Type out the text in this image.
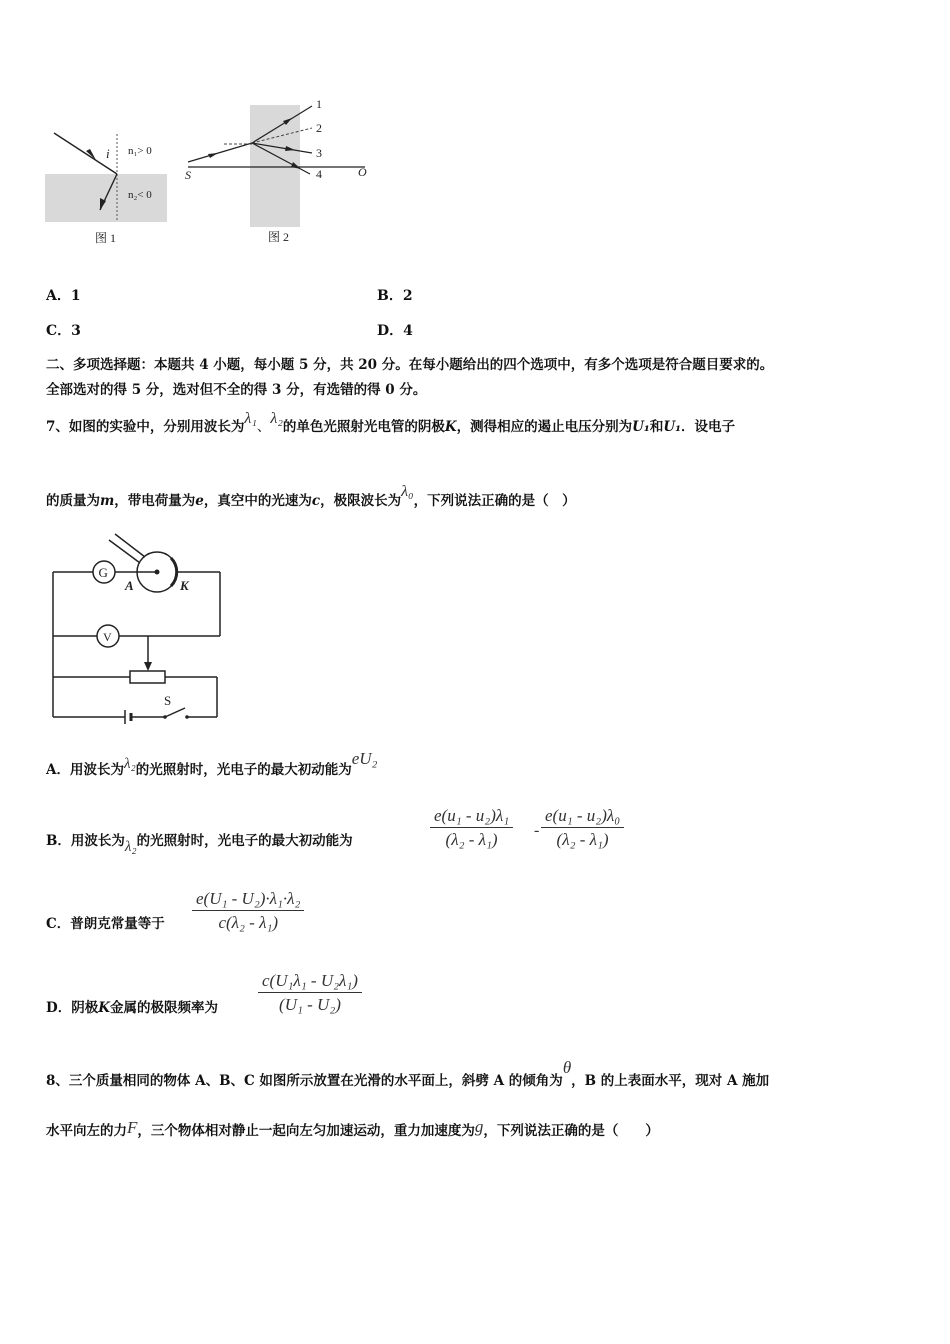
i n₁> 0
n₂< 0
图 1
1
2
3
4
S	O
图 2
A．1	B．2
C．3	D．4
二、多项选择题：本题共 4 小题，每小题 5 分，共 20 分。在每小题给出的四个选项中，有多个选项是符合题目要求的。
全部选对的得 5 分，选对但不全的得 3 分，有选错的得 0 分。
7、如图的实验中，分别用波长为λ₁、λ₂的单色光照射光电管的阴极K，测得相应的遏止电压分别为U₁和U₁．设电子
的质量为m，带电荷量为e，真空中的光速为c，极限波长为λ₀，下列说法正确的是（　）
G
V
A	K
S
A．用波长为λ₂的光照射时，光电子的最大初动能为eU₂
B．用波长为λ₂的光照射时，光电子的最大初动能为	$\frac{\text{e(u₁ - u₂)λ₁}}{\text{(λ₂ - λ₁)}} - \frac{\text{e(u₁ - u₂)λ₀}}{\text{(λ₂ - λ₁)}}$
C．普朗克常量等于 $\frac{\text{e(U₁ - U₂)·λ₁·λ₂}}{\text{c(λ₂ - λ₁)}}$
D．阴极K金属的极限频率为 $\frac{\text{c(U₁λ₁ - U₂λ₁)}}{\text{(U₁ - U₂)}}$
8、三个质量相同的物体 A、B、C 如图所示放置在光滑的水平面上，斜劈 A 的倾角为θ，B 的上表面水平，现对 A 施加
水平向左的力F，三个物体相对静止一起向左匀加速运动，重力加速度为g，下列说法正确的是（　　）
